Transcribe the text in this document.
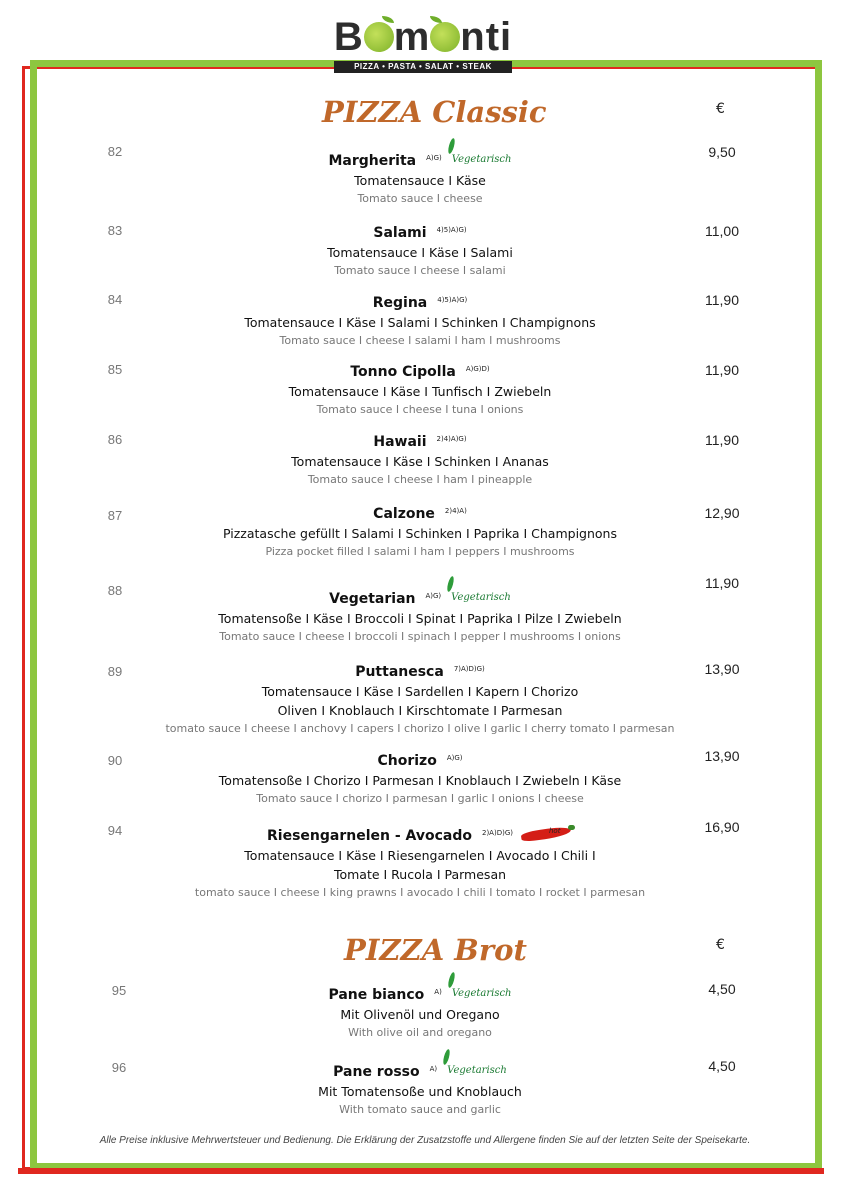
B m nti
PIZZA • PASTA • SALAT • STEAK
PIZZA Classic	€
82	9,50
Margherita $^{A)G)}$ Vegetarisch
Tomatensauce I Käse
Tomato sauce I cheese
83	11,00
Salami $^{4)5)A)G)}$
Tomatensauce I Käse I Salami
Tomato sauce I cheese I salami
84	11,90
Regina $^{4)5)A)G)}$
Tomatensauce I Käse I Salami I Schinken I Champignons
Tomato sauce I cheese I salami I ham I mushrooms
85	11,90
Tonno Cipolla $^{A)G)D)}$
Tomatensauce I Käse I Tunfisch I Zwiebeln
Tomato sauce I cheese I tuna I onions
86	11,90
Hawaii $^{2)4)A)G)}$
Tomatensauce I Käse I Schinken I Ananas
Tomato sauce I cheese I ham I pineapple
87	12,90
Calzone $^{2)4)A)}$
Pizzatasche gefüllt I Salami I Schinken I Paprika I Champignons
Pizza pocket filled I salami I ham I peppers I mushrooms
88	11,90
Vegetarian $^{A)G)}$ Vegetarisch
Tomatensoße I Käse I Broccoli I Spinat I Paprika I Pilze I Zwiebeln
Tomato sauce I cheese I broccoli I spinach I pepper I mushrooms I onions
89	13,90
Puttanesca $^{7)A)D)G)}$
Tomatensauce I Käse I Sardellen I Kapern I Chorizo
Oliven I Knoblauch I Kirschtomate I Parmesan
tomato sauce I cheese I anchovy I capers I chorizo I olive I garlic I cherry tomato I parmesan
90	13,90
Chorizo $^{A)G)}$
Tomatensoße I Chorizo I Parmesan I Knoblauch I Zwiebeln I Käse
Tomato sauce I chorizo I parmesan I garlic I onions I cheese
94	16,90
Riesengarnelen - Avocado $^{2)A)D)G)}$	hot
Tomatensauce I Käse I Riesengarnelen I Avocado I Chili I
Tomate I Rucola I Parmesan
tomato sauce I cheese I king prawns I avocado I chili I tomato I rocket I parmesan
PIZZA Brot	€
95	4,50
Pane bianco $^{A)}$ Vegetarisch
Mit Olivenöl und Oregano
With olive oil and oregano
96	4,50
Pane rosso $^{A)}$ Vegetarisch
Mit Tomatensoße und Knoblauch
With tomato sauce and garlic
Alle Preise inklusive Mehrwertsteuer und Bedienung. Die Erklärung der Zusatzstoffe und Allergene finden Sie auf der letzten Seite der Speisekarte.
